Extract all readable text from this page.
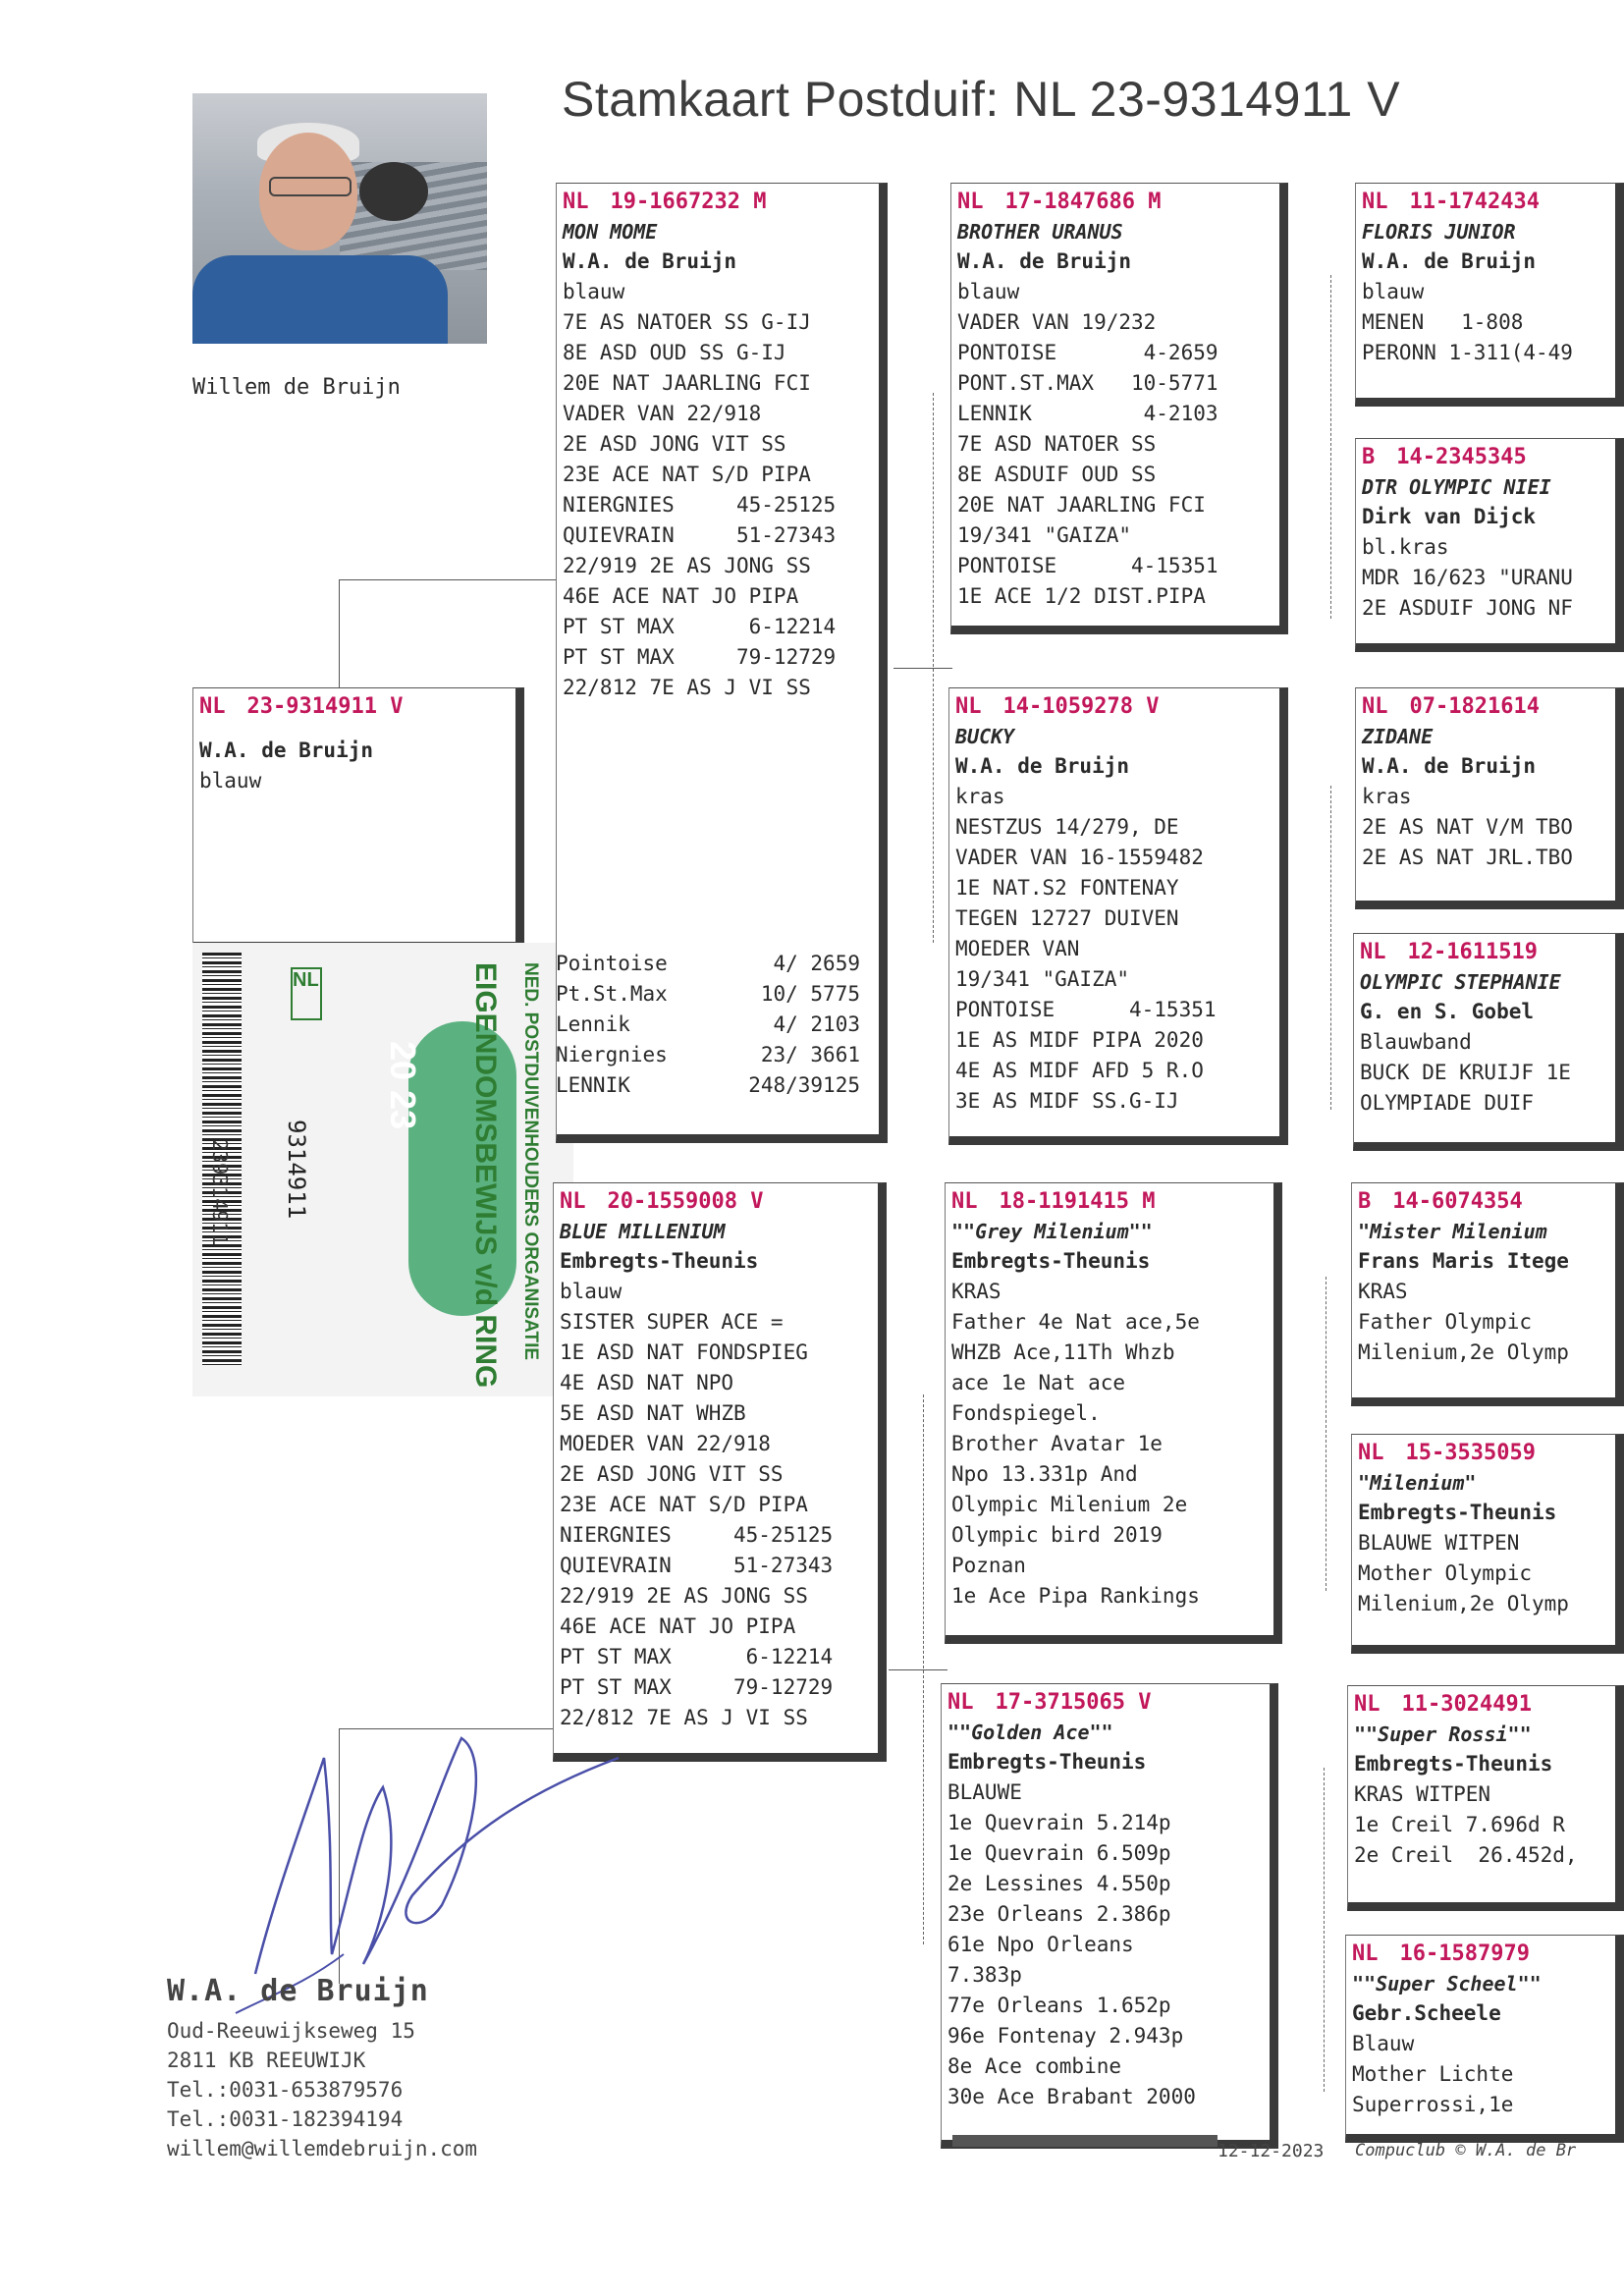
Stamkaart Postduif: NL 23-9314911 V
Willem de Bruijn
NL 23-9314911 V
W.A. de Bruijn
blauw
239314911
NL
9314911
20 23 EIGENDOMSBEWIJS v/d RING NED. POSTDUIVENHOUDERS ORGANISATIE
NL 19-1667232 M
MON MOME
W.A. de Bruijn
blauw
7E AS NATOER SS G-IJ
8E ASD OUD SS G-IJ
20E NAT JAARLING FCI
VADER VAN 22/918
2E ASD JONG VIT SS
23E ACE NAT S/D PIPA
NIERGNIES     45-25125
QUIEVRAIN     51-27343
22/919 2E AS JONG SS
46E ACE NAT JO PIPA
PT ST MAX      6-12214
PT ST MAX     79-12729
22/812 7E AS J VI SS
Pointoise	4/ 2659
Pt.St.Max	10/ 5775
Lennik	4/ 2103
Niergnies	23/ 3661
LENNIK	248/39125
NL 20-1559008 V
BLUE MILLENIUM
Embregts-Theunis
blauw
SISTER SUPER ACE =
1E ASD NAT FONDSPIEG
4E ASD NAT NPO
5E ASD NAT WHZB
MOEDER VAN 22/918
2E ASD JONG VIT SS
23E ACE NAT S/D PIPA
NIERGNIES     45-25125
QUIEVRAIN     51-27343
22/919 2E AS JONG SS
46E ACE NAT JO PIPA
PT ST MAX      6-12214
PT ST MAX     79-12729
22/812 7E AS J VI SS
NL 17-1847686 M
BROTHER URANUS
W.A. de Bruijn
blauw
VADER VAN 19/232
PONTOISE       4-2659
PONT.ST.MAX   10-5771
LENNIK         4-2103
7E ASD NATOER SS
8E ASDUIF OUD SS
20E NAT JAARLING FCI
19/341 "GAIZA"
PONTOISE      4-15351
1E ACE 1/2 DIST.PIPA
NL 14-1059278 V
BUCKY
W.A. de Bruijn
kras
NESTZUS 14/279, DE
VADER VAN 16-1559482
1E NAT.S2 FONTENAY
TEGEN 12727 DUIVEN
MOEDER VAN
19/341 "GAIZA"
PONTOISE      4-15351
1E AS MIDF PIPA 2020
4E AS MIDF AFD 5 R.O
3E AS MIDF SS.G-IJ
NL 18-1191415 M
""Grey Milenium""
Embregts-Theunis
KRAS
Father 4e Nat ace,5e
WHZB Ace,11Th Whzb
ace 1e Nat ace
Fondspiegel.
Brother Avatar 1e
Npo 13.331p And
Olympic Milenium 2e
Olympic bird 2019
Poznan
1e Ace Pipa Rankings
NL 17-3715065 V
""Golden Ace""
Embregts-Theunis
BLAUWE
1e Quevrain 5.214p
1e Quevrain 6.509p
2e Lessines 4.550p
23e Orleans 2.386p
61e Npo Orleans
7.383p
77e Orleans 1.652p
96e Fontenay 2.943p
8e Ace combine
30e Ace Brabant 2000
NL 11-1742434
FLORIS JUNIOR
W.A. de Bruijn
blauw
MENEN   1-808
PERONN 1-311(4-49
B 14-2345345
DTR OLYMPIC NIEI
Dirk van Dijck
bl.kras
MDR 16/623 "URANU
2E ASDUIF JONG NF
NL 07-1821614
ZIDANE
W.A. de Bruijn
kras
2E AS NAT V/M TBO
2E AS NAT JRL.TBO
NL 12-1611519
OLYMPIC STEPHANIE
G. en S. Gobel
Blauwband
BUCK DE KRUIJF 1E
OLYMPIADE DUIF
B 14-6074354
"Mister Milenium
Frans Maris Itege
KRAS
Father Olympic
Milenium,2e Olymp
NL 15-3535059
"Milenium"
Embregts-Theunis
BLAUWE WITPEN
Mother Olympic
Milenium,2e Olymp
NL 11-3024491
""Super Rossi""
Embregts-Theunis
KRAS WITPEN
1e Creil 7.696d R
2e Creil  26.452d,
NL 16-1587979
""Super Scheel""
Gebr.Scheele
Blauw
Mother Lichte
Superrossi,1e
W.A. de Bruijn
Oud-Reeuwijkseweg 15
2811 KB REEUWIJK
Tel.:0031-653879576
Tel.:0031-182394194
willem@willemdebruijn.com	12-12-2023 Compuclub © W.A. de Br
